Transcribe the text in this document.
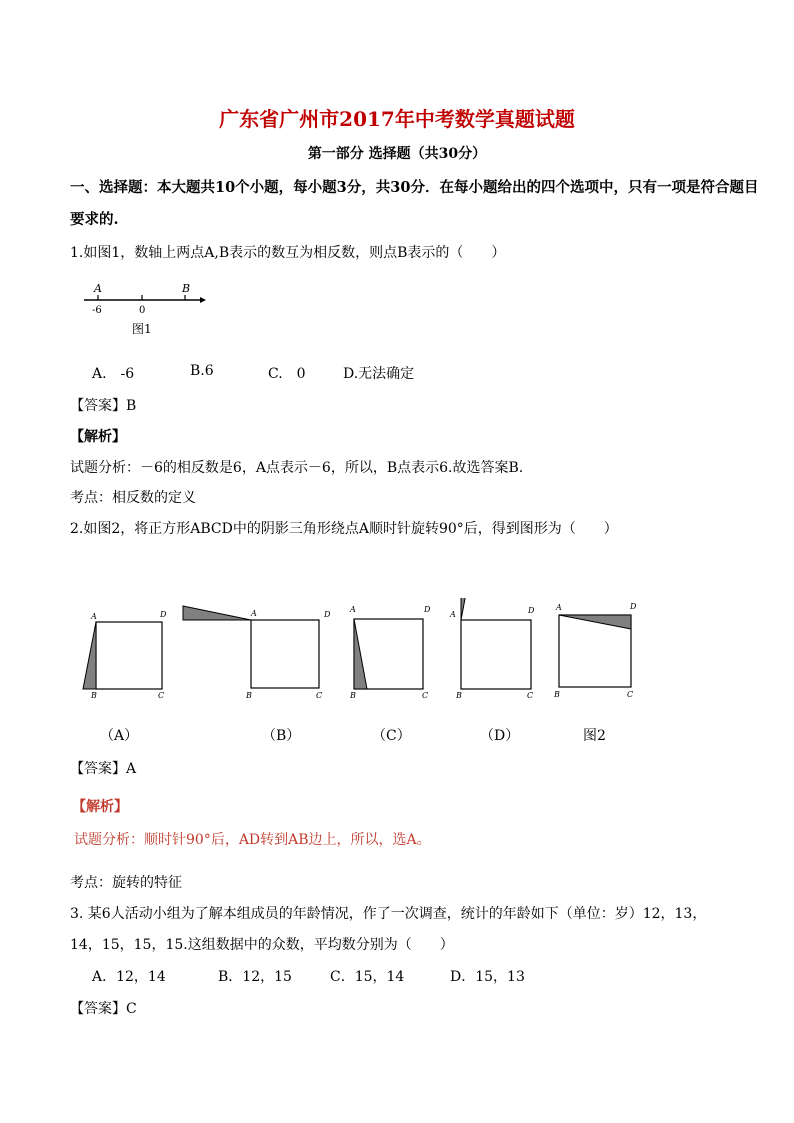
广东省广州市2017年中考数学真题试题
第一部分 选择题（共30分）
一、选择题：本大题共10个小题，每小题3分，共30分．在每小题给出的四个选项中，只有一项是符合题目
要求的.
1.如图1，数轴上两点A,B表示的数互为相反数，则点B表示的（　　）
A	B
-6	0
图1
A.　-6	B.6	C.　0	D.无法确定
【答案】B
【解析】
试题分析：－6的相反数是6，A点表示－6，所以，B点表示6.故选答案B.
考点：相反数的定义
2.如图2，将正方形ABCD中的阴影三角形绕点A顺时针旋转90°后，得到图形为（　　）
A	D
B	C
A	D
B	C
A	D
B	C
A	D
B	C
A	D
B	C
（A）	（B）	（C）	（D）	图2
【答案】A
【解析】
试题分析：顺时针90°后，AD转到AB边上，所以，选A。
考点：旋转的特征
3. 某6人活动小组为了解本组成员的年龄情况，作了一次调查，统计的年龄如下（单位：岁）12，13，
14，15，15，15.这组数据中的众数，平均数分别为（　　）
A．12，14	B．12，15	C．15，14	D．15，13
【答案】C
